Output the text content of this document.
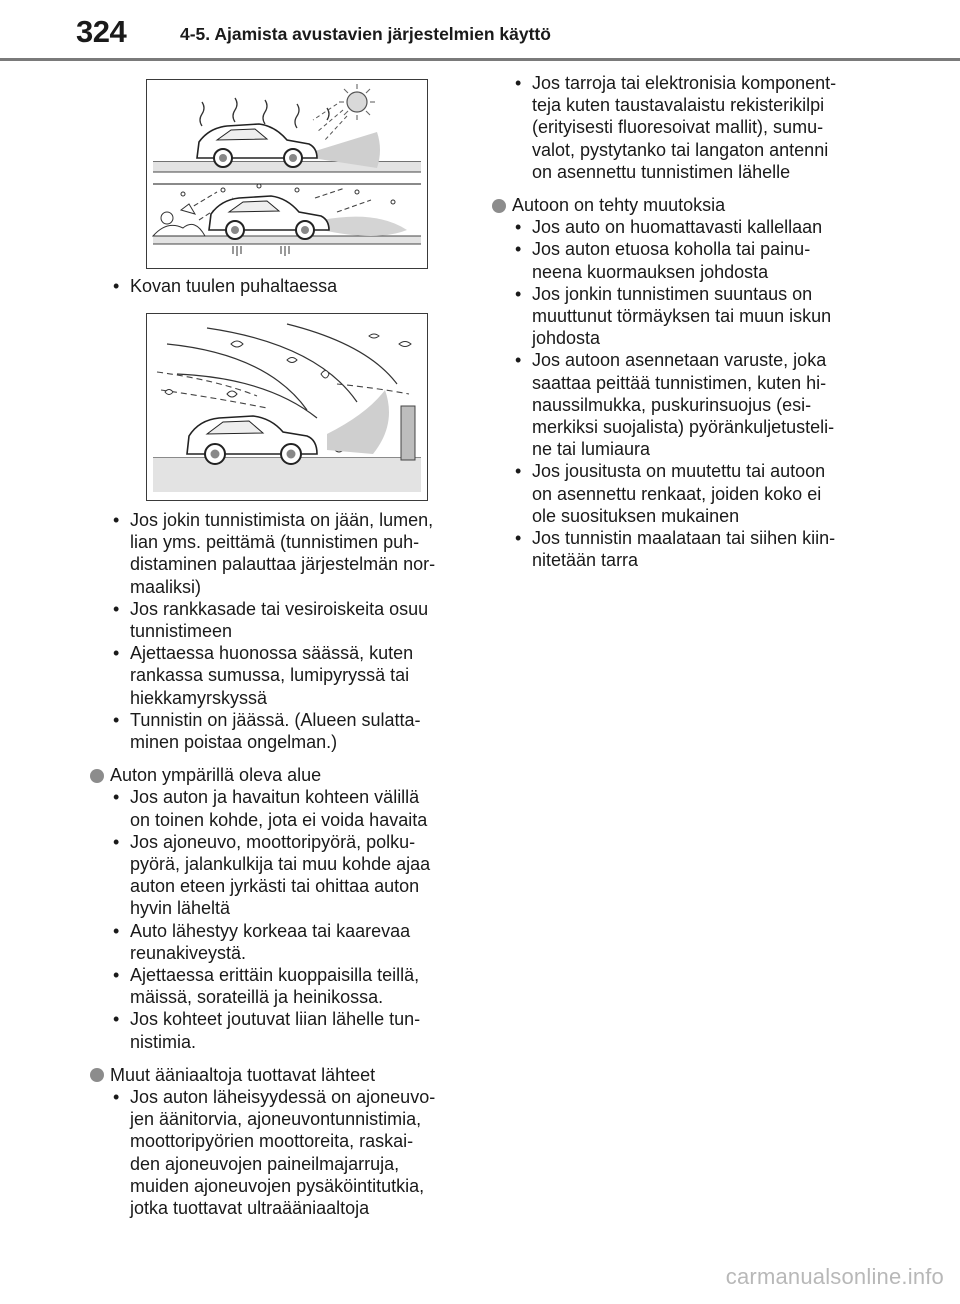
324	4-5. Ajamista avustavien järjestelmien käyttö
• Kovan tuulen puhaltaessa
• Jos jokin tunnistimista on jään, lumen,
lian yms. peittämä (tunnistimen puh-
distaminen palauttaa järjestelmän nor-
maaliksi)
• Jos rankkasade tai vesiroiskeita osuu
tunnistimeen
• Ajettaessa huonossa säässä, kuten
rankassa sumussa, lumipyryssä tai
hiekkamyrskyssä
• Tunnistin on jäässä. (Alueen sulatta-
minen poistaa ongelman.)
Auton ympärillä oleva alue
• Jos auton ja havaitun kohteen välillä
on toinen kohde, jota ei voida havaita
• Jos ajoneuvo, moottoripyörä, polku-
pyörä, jalankulkija tai muu kohde ajaa
auton eteen jyrkästi tai ohittaa auton
hyvin läheltä
• Auto lähestyy korkeaa tai kaarevaa
reunakiveystä.
• Ajettaessa erittäin kuoppaisilla teillä,
mäissä, sorateillä ja heinikossa.
• Jos kohteet joutuvat liian lähelle tun-
nistimia.
Muut ääniaaltoja tuottavat lähteet
• Jos auton läheisyydessä on ajoneuvo-
jen äänitorvia, ajoneuvontunnistimia,
moottoripyörien moottoreita, raskai-
den ajoneuvojen paineilmajarruja,
muiden ajoneuvojen pysäköintitutkia,
jotka tuottavat ultraääniaaltoja
• Jos tarroja tai elektronisia komponent-
teja kuten taustavalaistu rekisterikilpi
(erityisesti fluoresoivat mallit), sumu-
valot, pystytanko tai langaton antenni
on asennettu tunnistimen lähelle
Autoon on tehty muutoksia
• Jos auto on huomattavasti kallellaan
• Jos auton etuosa koholla tai painu-
neena kuormauksen johdosta
• Jos jonkin tunnistimen suuntaus on
muuttunut törmäyksen tai muun iskun
johdosta
• Jos autoon asennetaan varuste, joka
saattaa peittää tunnistimen, kuten hi-
naussilmukka, puskurinsuojus (esi-
merkiksi suojalista) pyöränkuljetusteli-
ne tai lumiaura
• Jos jousitusta on muutettu tai autoon
on asennettu renkaat, joiden koko ei
ole suosituksen mukainen
• Jos tunnistin maalataan tai siihen kiin-
nitetään tarra
carmanualsonline.info
